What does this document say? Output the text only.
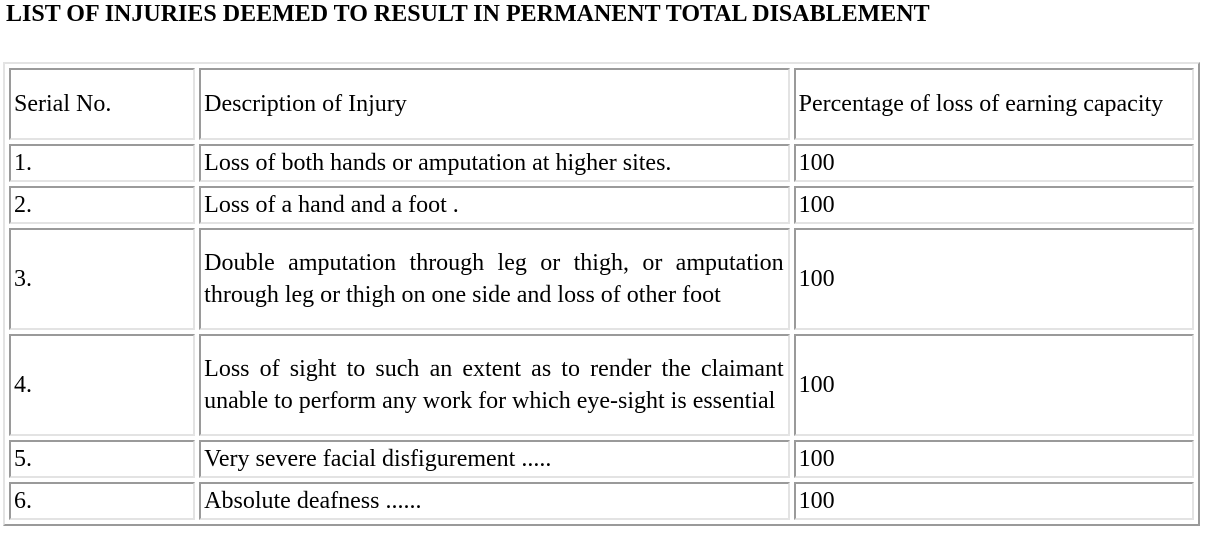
LIST OF INJURIES DEEMED TO RESULT IN PERMANENT TOTAL DISABLEMENT
Serial No.	Description of Injury	Percentage of loss of earning capacity
1.	Loss of both hands or amputation at higher sites.	100
2.	Loss of a hand and a foot .	100
3.	Double amputation through leg or thigh, or amputation through leg or thigh on one side and loss of other foot	100
4.	Loss of sight to such an extent as to render the claimant unable to perform any work for which eye-sight is essential	100
5.	Very severe facial disfigurement .....	100
6.	Absolute deafness ......	100
